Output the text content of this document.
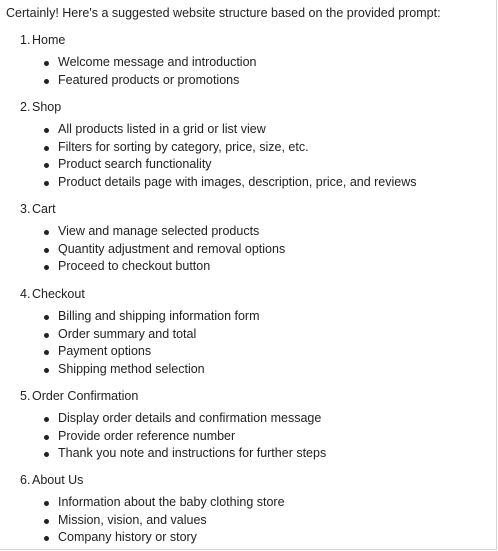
Certainly! Here's a suggested website structure based on the provided prompt:
1. Home
Welcome message and introduction
Featured products or promotions
2. Shop
All products listed in a grid or list view
Filters for sorting by category, price, size, etc.
Product search functionality
Product details page with images, description, price, and reviews
3. Cart
View and manage selected products
Quantity adjustment and removal options
Proceed to checkout button
4. Checkout
Billing and shipping information form
Order summary and total
Payment options
Shipping method selection
5. Order Confirmation
Display order details and confirmation message
Provide order reference number
Thank you note and instructions for further steps
6. About Us
Information about the baby clothing store
Mission, vision, and values
Company history or story
